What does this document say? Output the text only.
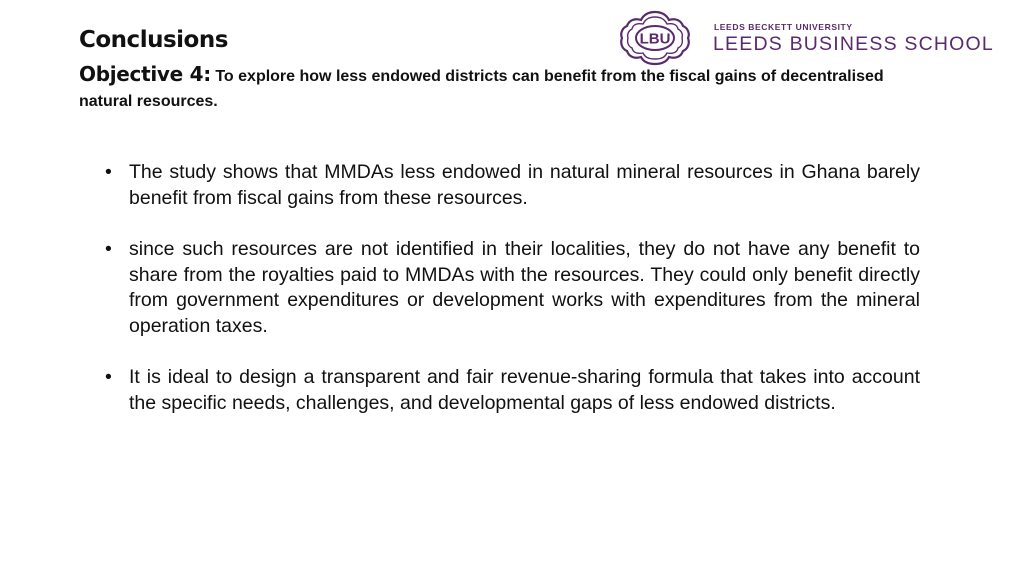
Conclusions

Objective 4: To explore how less endowed districts can benefit from the fiscal gains of decentralised natural resources.

LBU
LEEDS BECKETT UNIVERSITY
LEEDS BUSINESS SCHOOL
• The study shows that MMDAs less endowed in natural mineral resources in Ghana barely benefit from fiscal gains from these resources.
• since such resources are not identified in their localities, they do not have any benefit to share from the royalties paid to MMDAs with the resources. They could only benefit directly from government expenditures or development works with expenditures from the mineral operation taxes.
• It is ideal to design a transparent and fair revenue-sharing formula that takes into account the specific needs, challenges, and developmental gaps of less endowed districts.
